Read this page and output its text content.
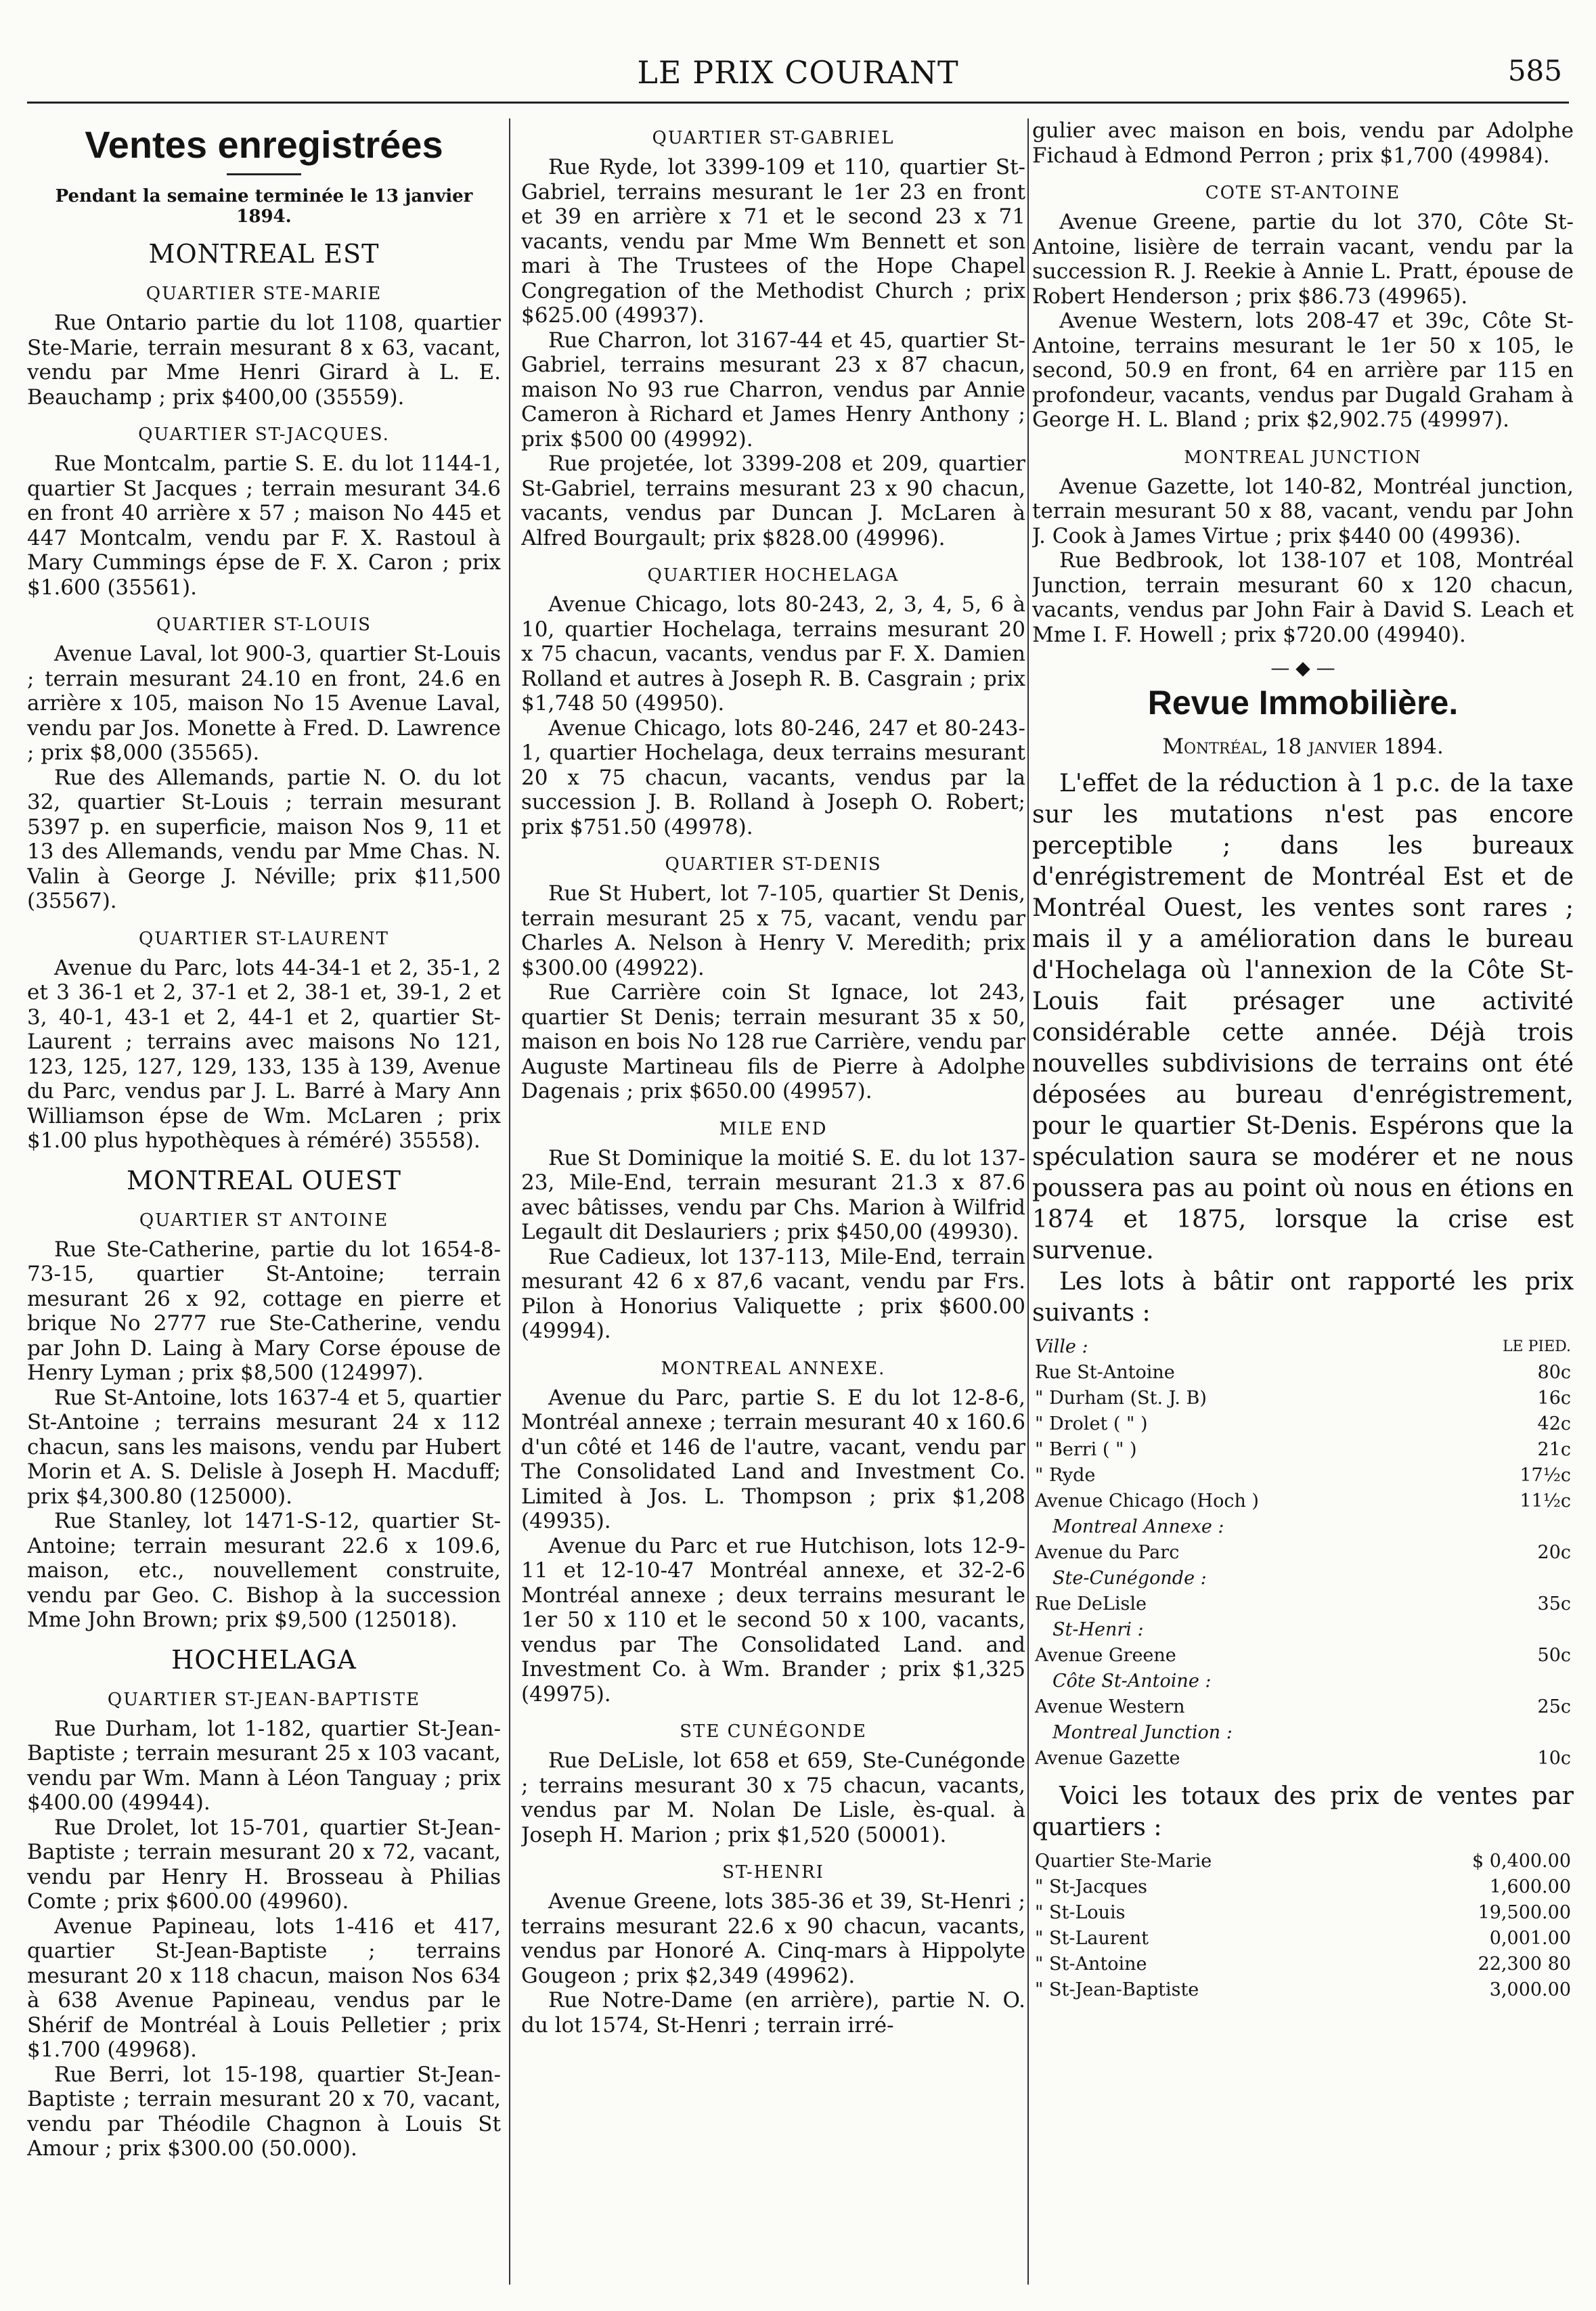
LE PRIX COURANT	585
Ventes enregistrées
Pendant la semaine terminée le 13 janvier 1894.
MONTREAL EST
QUARTIER STE-MARIE

Rue Ontario partie du lot 1108, quartier Ste-Marie, terrain mesurant 8 x 63, vacant, vendu par Mme Henri Girard à L. E. Beauchamp ; prix $400,00 (35559).

QUARTIER ST-JACQUES.

Rue Montcalm, partie S. E. du lot 1144-1, quartier St Jacques ; terrain mesurant 34.6 en front 40 arrière x 57 ; maison No 445 et 447 Montcalm, vendu par F. X. Rastoul à Mary Cummings épse de F. X. Caron ; prix $1.600 (35561).

QUARTIER ST-LOUIS

Avenue Laval, lot 900-3, quartier St-Louis ; terrain mesurant 24.10 en front, 24.6 en arrière x 105, maison No 15 Avenue Laval, vendu par Jos. Monette à Fred. D. Lawrence ; prix $8,000 (35565).

Rue des Allemands, partie N. O. du lot 32, quartier St-Louis ; terrain mesurant 5397 p. en superficie, maison Nos 9, 11 et 13 des Allemands, vendu par Mme Chas. N. Valin à George J. Néville; prix $11,500 (35567).

QUARTIER ST-LAURENT

Avenue du Parc, lots 44-34-1 et 2, 35-1, 2 et 3 36-1 et 2, 37-1 et 2, 38-1 et, 39-1, 2 et 3, 40-1, 43-1 et 2, 44-1 et 2, quartier St-Laurent ; terrains avec maisons No 121, 123, 125, 127, 129, 133, 135 à 139, Avenue du Parc, vendus par J. L. Barré à Mary Ann Williamson épse de Wm. McLaren ; prix $1.00 plus hypothèques à réméré) 35558).

MONTREAL OUEST
QUARTIER ST ANTOINE

Rue Ste-Catherine, partie du lot 1654-8-73-15, quartier St-Antoine; terrain mesurant 26 x 92, cottage en pierre et brique No 2777 rue Ste-Catherine, vendu par John D. Laing à Mary Corse épouse de Henry Lyman ; prix $8,500 (124997).

Rue St-Antoine, lots 1637-4 et 5, quartier St-Antoine ; terrains mesurant 24 x 112 chacun, sans les maisons, vendu par Hubert Morin et A. S. Delisle à Joseph H. Macduff; prix $4,300.80 (125000).

Rue Stanley, lot 1471-S-12, quartier St-Antoine; terrain mesurant 22.6 x 109.6, maison, etc., nouvellement construite, vendu par Geo. C. Bishop à la succession Mme John Brown; prix $9,500 (125018).

HOCHELAGA
QUARTIER ST-JEAN-BAPTISTE

Rue Durham, lot 1-182, quartier St-Jean-Baptiste ; terrain mesurant 25 x 103 vacant, vendu par Wm. Mann à Léon Tanguay ; prix $400.00 (49944).

Rue Drolet, lot 15-701, quartier St-Jean-Baptiste ; terrain mesurant 20 x 72, vacant, vendu par Henry H. Brosseau à Philias Comte ; prix $600.00 (49960).

Avenue Papineau, lots 1-416 et 417, quartier St-Jean-Baptiste ; terrains mesurant 20 x 118 chacun, maison Nos 634 à 638 Avenue Papineau, vendus par le Shérif de Montréal à Louis Pelletier ; prix $1.700 (49968).

Rue Berri, lot 15-198, quartier St-Jean-Baptiste ; terrain mesurant 20 x 70, vacant, vendu par Théodile Chagnon à Louis St Amour ; prix $300.00 (50.000).

QUARTIER ST-GABRIEL

Rue Ryde, lot 3399-109 et 110, quartier St-Gabriel, terrains mesurant le 1er 23 en front et 39 en arrière x 71 et le second 23 x 71 vacants, vendu par Mme Wm Bennett et son mari à The Trustees of the Hope Chapel Congregation of the Methodist Church ; prix $625.00 (49937).

Rue Charron, lot 3167-44 et 45, quartier St-Gabriel, terrains mesurant 23 x 87 chacun, maison No 93 rue Charron, vendus par Annie Cameron à Richard et James Henry Anthony ; prix $500 00 (49992).

Rue projetée, lot 3399-208 et 209, quartier St-Gabriel, terrains mesurant 23 x 90 chacun, vacants, vendus par Duncan J. McLaren à Alfred Bourgault; prix $828.00 (49996).

QUARTIER HOCHELAGA

Avenue Chicago, lots 80-243, 2, 3, 4, 5, 6 à 10, quartier Hochelaga, terrains mesurant 20 x 75 chacun, vacants, vendus par F. X. Damien Rolland et autres à Joseph R. B. Casgrain ; prix $1,748 50 (49950).

Avenue Chicago, lots 80-246, 247 et 80-243-1, quartier Hochelaga, deux terrains mesurant 20 x 75 chacun, vacants, vendus par la succession J. B. Rolland à Joseph O. Robert; prix $751.50 (49978).

QUARTIER ST-DENIS

Rue St Hubert, lot 7-105, quartier St Denis, terrain mesurant 25 x 75, vacant, vendu par Charles A. Nelson à Henry V. Meredith; prix $300.00 (49922).

Rue Carrière coin St Ignace, lot 243, quartier St Denis; terrain mesurant 35 x 50, maison en bois No 128 rue Carrière, vendu par Auguste Martineau fils de Pierre à Adolphe Dagenais ; prix $650.00 (49957).

MILE END

Rue St Dominique la moitié S. E. du lot 137-23, Mile-End, terrain mesurant 21.3 x 87.6 avec bâtisses, vendu par Chs. Marion à Wilfrid Legault dit Deslauriers ; prix $450,00 (49930).

Rue Cadieux, lot 137-113, Mile-End, terrain mesurant 42 6 x 87,6 vacant, vendu par Frs. Pilon à Honorius Valiquette ; prix $600.00 (49994).

MONTREAL ANNEXE.

Avenue du Parc, partie S. E du lot 12-8-6, Montréal annexe ; terrain mesurant 40 x 160.6 d'un côté et 146 de l'autre, vacant, vendu par The Consolidated Land and Investment Co. Limited à Jos. L. Thompson ; prix $1,208 (49935).

Avenue du Parc et rue Hutchison, lots 12-9-11 et 12-10-47 Montréal annexe, et 32-2-6 Montréal annexe ; deux terrains mesurant le 1er 50 x 110 et le second 50 x 100, vacants, vendus par The Consolidated Land. and Investment Co. à Wm. Brander ; prix $1,325 (49975).

STE CUNÉGONDE

Rue DeLisle, lot 658 et 659, Ste-Cunégonde ; terrains mesurant 30 x 75 chacun, vacants, vendus par M. Nolan De Lisle, ès-qual. à Joseph H. Marion ; prix $1,520 (50001).

ST-HENRI

Avenue Greene, lots 385-36 et 39, St-Henri ; terrains mesurant 22.6 x 90 chacun, vacants, vendus par Honoré A. Cinq-mars à Hippolyte Gougeon ; prix $2,349 (49962).

Rue Notre-Dame (en arrière), partie N. O. du lot 1574, St-Henri ; terrain irré-

gulier avec maison en bois, vendu par Adolphe Fichaud à Edmond Perron ; prix $1,700 (49984).

COTE ST-ANTOINE

Avenue Greene, partie du lot 370, Côte St-Antoine, lisière de terrain vacant, vendu par la succession R. J. Reekie à Annie L. Pratt, épouse de Robert Henderson ; prix $86.73 (49965).

Avenue Western, lots 208-47 et 39c, Côte St-Antoine, terrains mesurant le 1er 50 x 105, le second, 50.9 en front, 64 en arrière par 115 en profondeur, vacants, vendus par Dugald Graham à George H. L. Bland ; prix $2,902.75 (49997).

MONTREAL JUNCTION

Avenue Gazette, lot 140-82, Montréal junction, terrain mesurant 50 x 88, vacant, vendu par John J. Cook à James Virtue ; prix $440 00 (49936).

Rue Bedbrook, lot 138-107 et 108, Montréal Junction, terrain mesurant 60 x 120 chacun, vacants, vendus par John Fair à David S. Leach et Mme I. F. Howell ; prix $720.00 (49940).

— ◆ —
Revue Immobilière.
Montréal, 18 janvier 1894.

L'effet de la réduction à 1 p.c. de la taxe sur les mutations n'est pas encore perceptible ; dans les bureaux d'enrégistrement de Montréal Est et de Montréal Ouest, les ventes sont rares ; mais il y a amélioration dans le bureau d'Hochelaga où l'annexion de la Côte St-Louis fait présager une activité considérable cette année. Déjà trois nouvelles subdivisions de terrains ont été déposées au bureau d'enrégistrement, pour le quartier St-Denis. Espérons que la spéculation saura se modérer et ne nous poussera pas au point où nous en étions en 1874 et 1875, lorsque la crise est survenue.

Les lots à bâtir ont rapporté les prix suivants :

Ville :	LE PIED.
Rue St-Antoine	80c
" Durham (St. J. B)	16c
" Drolet ( " )	42c
" Berri ( " )	21c
" Ryde	17½c
Avenue Chicago (Hoch )	11½c
Montreal Annexe :	
Avenue du Parc	20c
Ste-Cunégonde :	
Rue DeLisle	35c
St-Henri :	
Avenue Greene	50c
Côte St-Antoine :	
Avenue Western	25c
Montreal Junction :	
Avenue Gazette	10c

Voici les totaux des prix de ventes par quartiers :

Quartier Ste-Marie	$ 0,400.00
" St-Jacques	1,600.00
" St-Louis	19,500.00
" St-Laurent	0,001.00
" St-Antoine	22,300 80
" St-Jean-Baptiste	3,000.00
